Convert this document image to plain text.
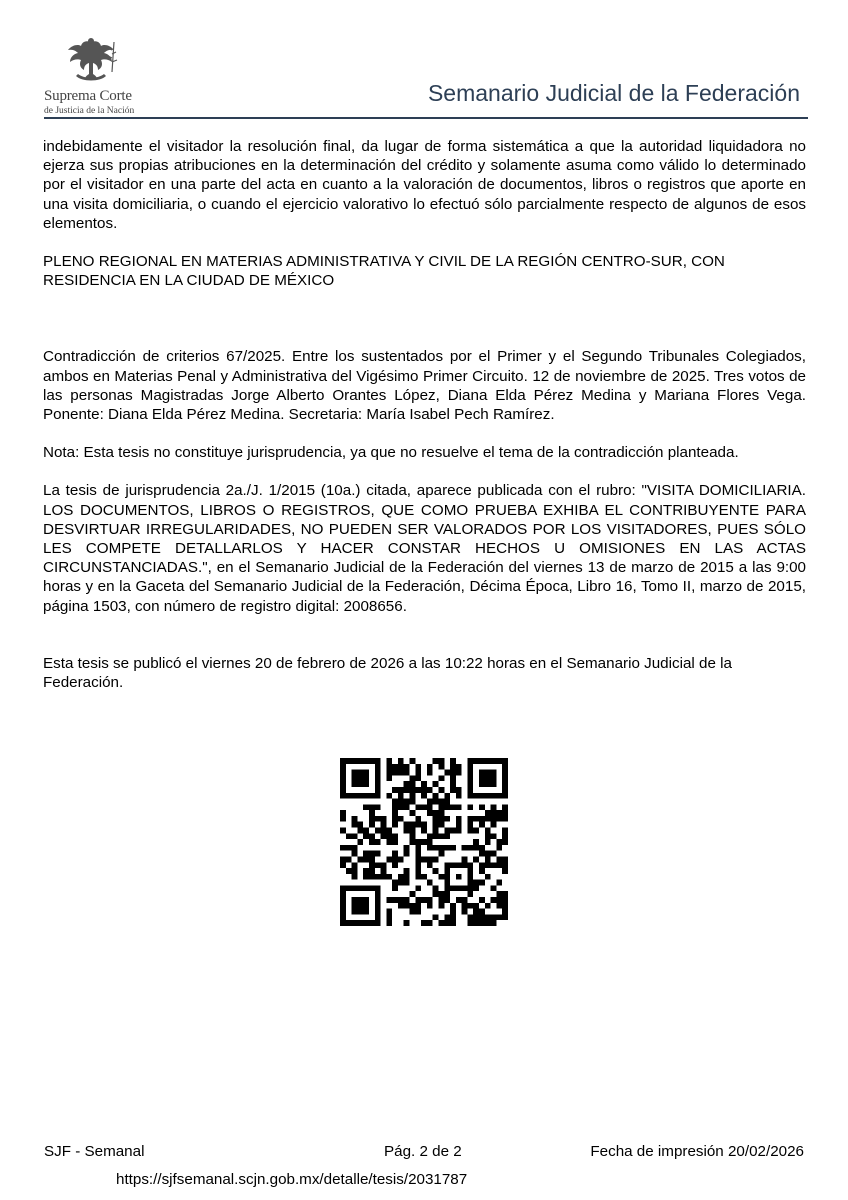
Suprema Corte
de Justicia de la Nación
Semanario Judicial de la Federación

indebidamente el visitador la resolución final, da lugar de forma sistemática a que la autoridad liquidadora no ejerza sus propias atribuciones en la determinación del crédito y solamente asuma como válido lo determinado por el visitador en una parte del acta en cuanto a la valoración de documentos, libros o registros que aporte en una visita domiciliaria, o cuando el ejercicio valorativo lo efectuó sólo parcialmente respecto de algunos de esos elementos.

PLENO REGIONAL EN MATERIAS ADMINISTRATIVA Y CIVIL DE LA REGIÓN CENTRO-SUR, CON RESIDENCIA EN LA CIUDAD DE MÉXICO

Contradicción de criterios 67/2025. Entre los sustentados por el Primer y el Segundo Tribunales Colegiados, ambos en Materias Penal y Administrativa del Vigésimo Primer Circuito. 12 de noviembre de 2025. Tres votos de las personas Magistradas Jorge Alberto Orantes López, Diana Elda Pérez Medina y Mariana Flores Vega. Ponente: Diana Elda Pérez Medina. Secretaria: María Isabel Pech Ramírez.

Nota: Esta tesis no constituye jurisprudencia, ya que no resuelve el tema de la contradicción planteada.

La tesis de jurisprudencia 2a./J. 1/2015 (10a.) citada, aparece publicada con el rubro: "VISITA DOMICILIARIA. LOS DOCUMENTOS, LIBROS O REGISTROS, QUE COMO PRUEBA EXHIBA EL CONTRIBUYENTE PARA DESVIRTUAR IRREGULARIDADES, NO PUEDEN SER VALORADOS POR LOS VISITADORES, PUES SÓLO LES COMPETE DETALLARLOS Y HACER CONSTAR HECHOS U OMISIONES EN LAS ACTAS CIRCUNSTANCIADAS.", en el Semanario Judicial de la Federación del viernes 13 de marzo de 2015 a las 9:00 horas y en la Gaceta del Semanario Judicial de la Federación, Décima Época, Libro 16, Tomo II, marzo de 2015, página 1503, con número de registro digital: 2008656.

Esta tesis se publicó el viernes 20 de febrero de 2026 a las 10:22 horas en el Semanario Judicial de la Federación.

SJF - Semanal	Pág. 2 de 2	Fecha de impresión 20/02/2026
https://sjfsemanal.scjn.gob.mx/detalle/tesis/2031787
